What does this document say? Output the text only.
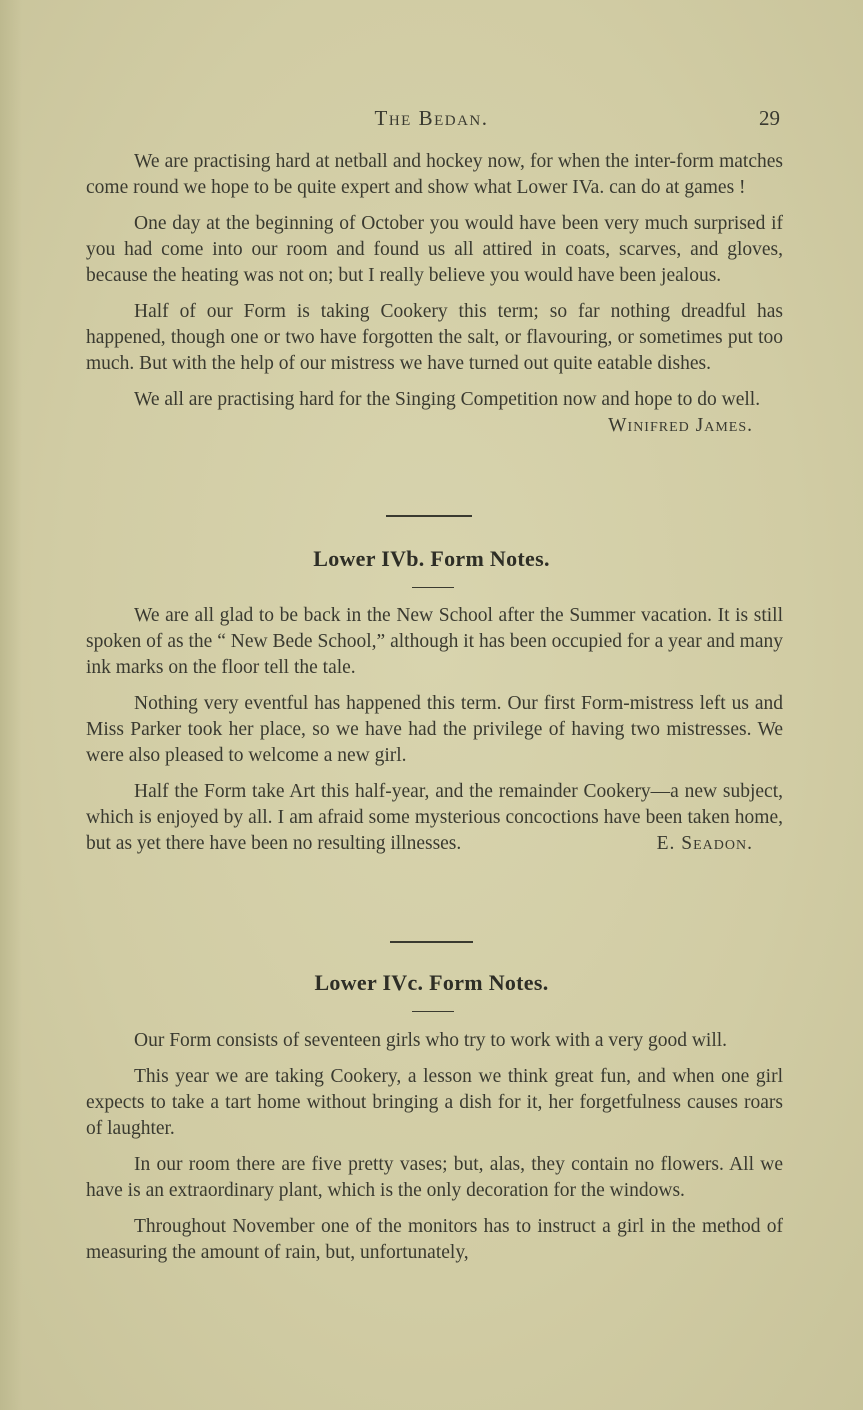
The Bedan.	29

We are practising hard at netball and hockey now, for when the inter-form matches come round we hope to be quite expert and show what Lower IVa. can do at games !

One day at the beginning of October you would have been very much surprised if you had come into our room and found us all attired in coats, scarves, and gloves, because the heating was not on; but I really believe you would have been jealous.

Half of our Form is taking Cookery this term; so far nothing dreadful has happened, though one or two have forgotten the salt, or flavouring, or sometimes put too much. But with the help of our mistress we have turned out quite eatable dishes.

We all are practising hard for the Singing Competition now and hope to do well.
Winifred James.

Lower IVb. Form Notes.

We are all glad to be back in the New School after the Summer vacation. It is still spoken of as the “ New Bede School,” although it has been occupied for a year and many ink marks on the floor tell the tale.

Nothing very eventful has happened this term. Our first Form-mistress left us and Miss Parker took her place, so we have had the privilege of having two mistresses. We were also pleased to welcome a new girl.

Half the Form take Art this half-year, and the remainder Cookery—a new subject, which is enjoyed by all. I am afraid some mysterious concoctions have been taken home, but as yet there have been no resulting illnesses.	E. Seadon.

Lower IVc. Form Notes.

Our Form consists of seventeen girls who try to work with a very good will.

This year we are taking Cookery, a lesson we think great fun, and when one girl expects to take a tart home without bringing a dish for it, her forgetfulness causes roars of laughter.

In our room there are five pretty vases; but, alas, they contain no flowers. All we have is an extraordinary plant, which is the only decoration for the windows.

Throughout November one of the monitors has to instruct a girl in the method of measuring the amount of rain, but, unfortunately,
